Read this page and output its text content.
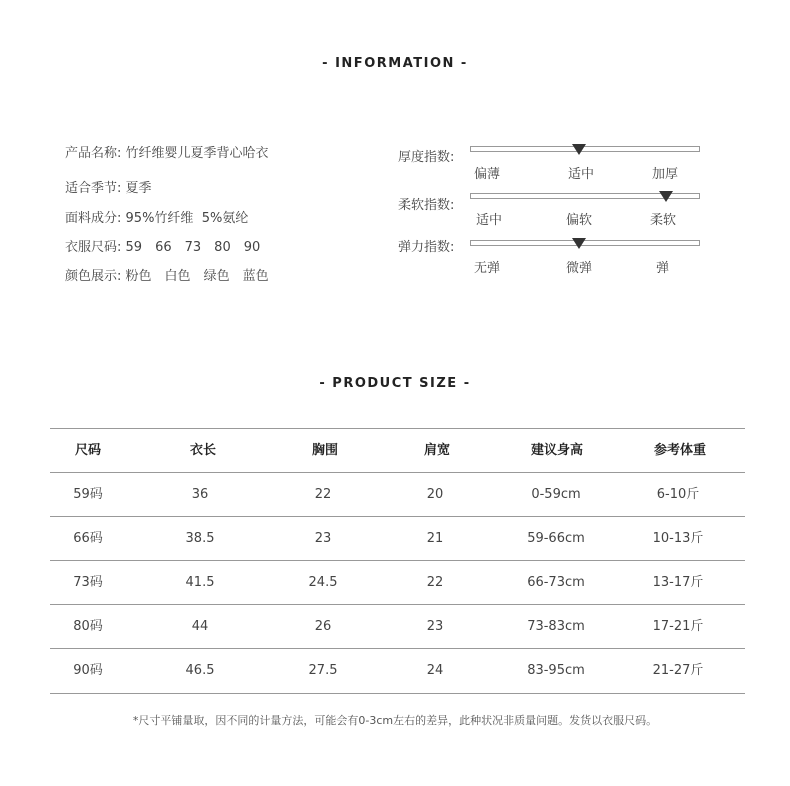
- INFORMATION -
产品名称: 竹纤维婴儿夏季背心哈衣
适合季节: 夏季
面料成分: 95%竹纤维  5%氨纶
衣服尺码: 59 66 73 80 90
颜色展示: 粉色 白色 绿色 蓝色
厚度指数:
偏薄	适中	加厚
柔软指数:
适中	偏软	柔软
弹力指数:
无弹	微弹	弹
- PRODUCT SIZE -
尺码	衣长	胸围	肩宽	建议身高	参考体重
59码	36	22	20	0-59cm	6-10斤
66码	38.5	23	21	59-66cm	10-13斤
73码	41.5	24.5	22	66-73cm	13-17斤
80码	44	26	23	73-83cm	17-21斤
90码	46.5	27.5	24	83-95cm	21-27斤
*尺寸平铺量取，因不同的计量方法，可能会有0-3cm左右的差异，此种状况非质量问题。发货以衣服尺码。
